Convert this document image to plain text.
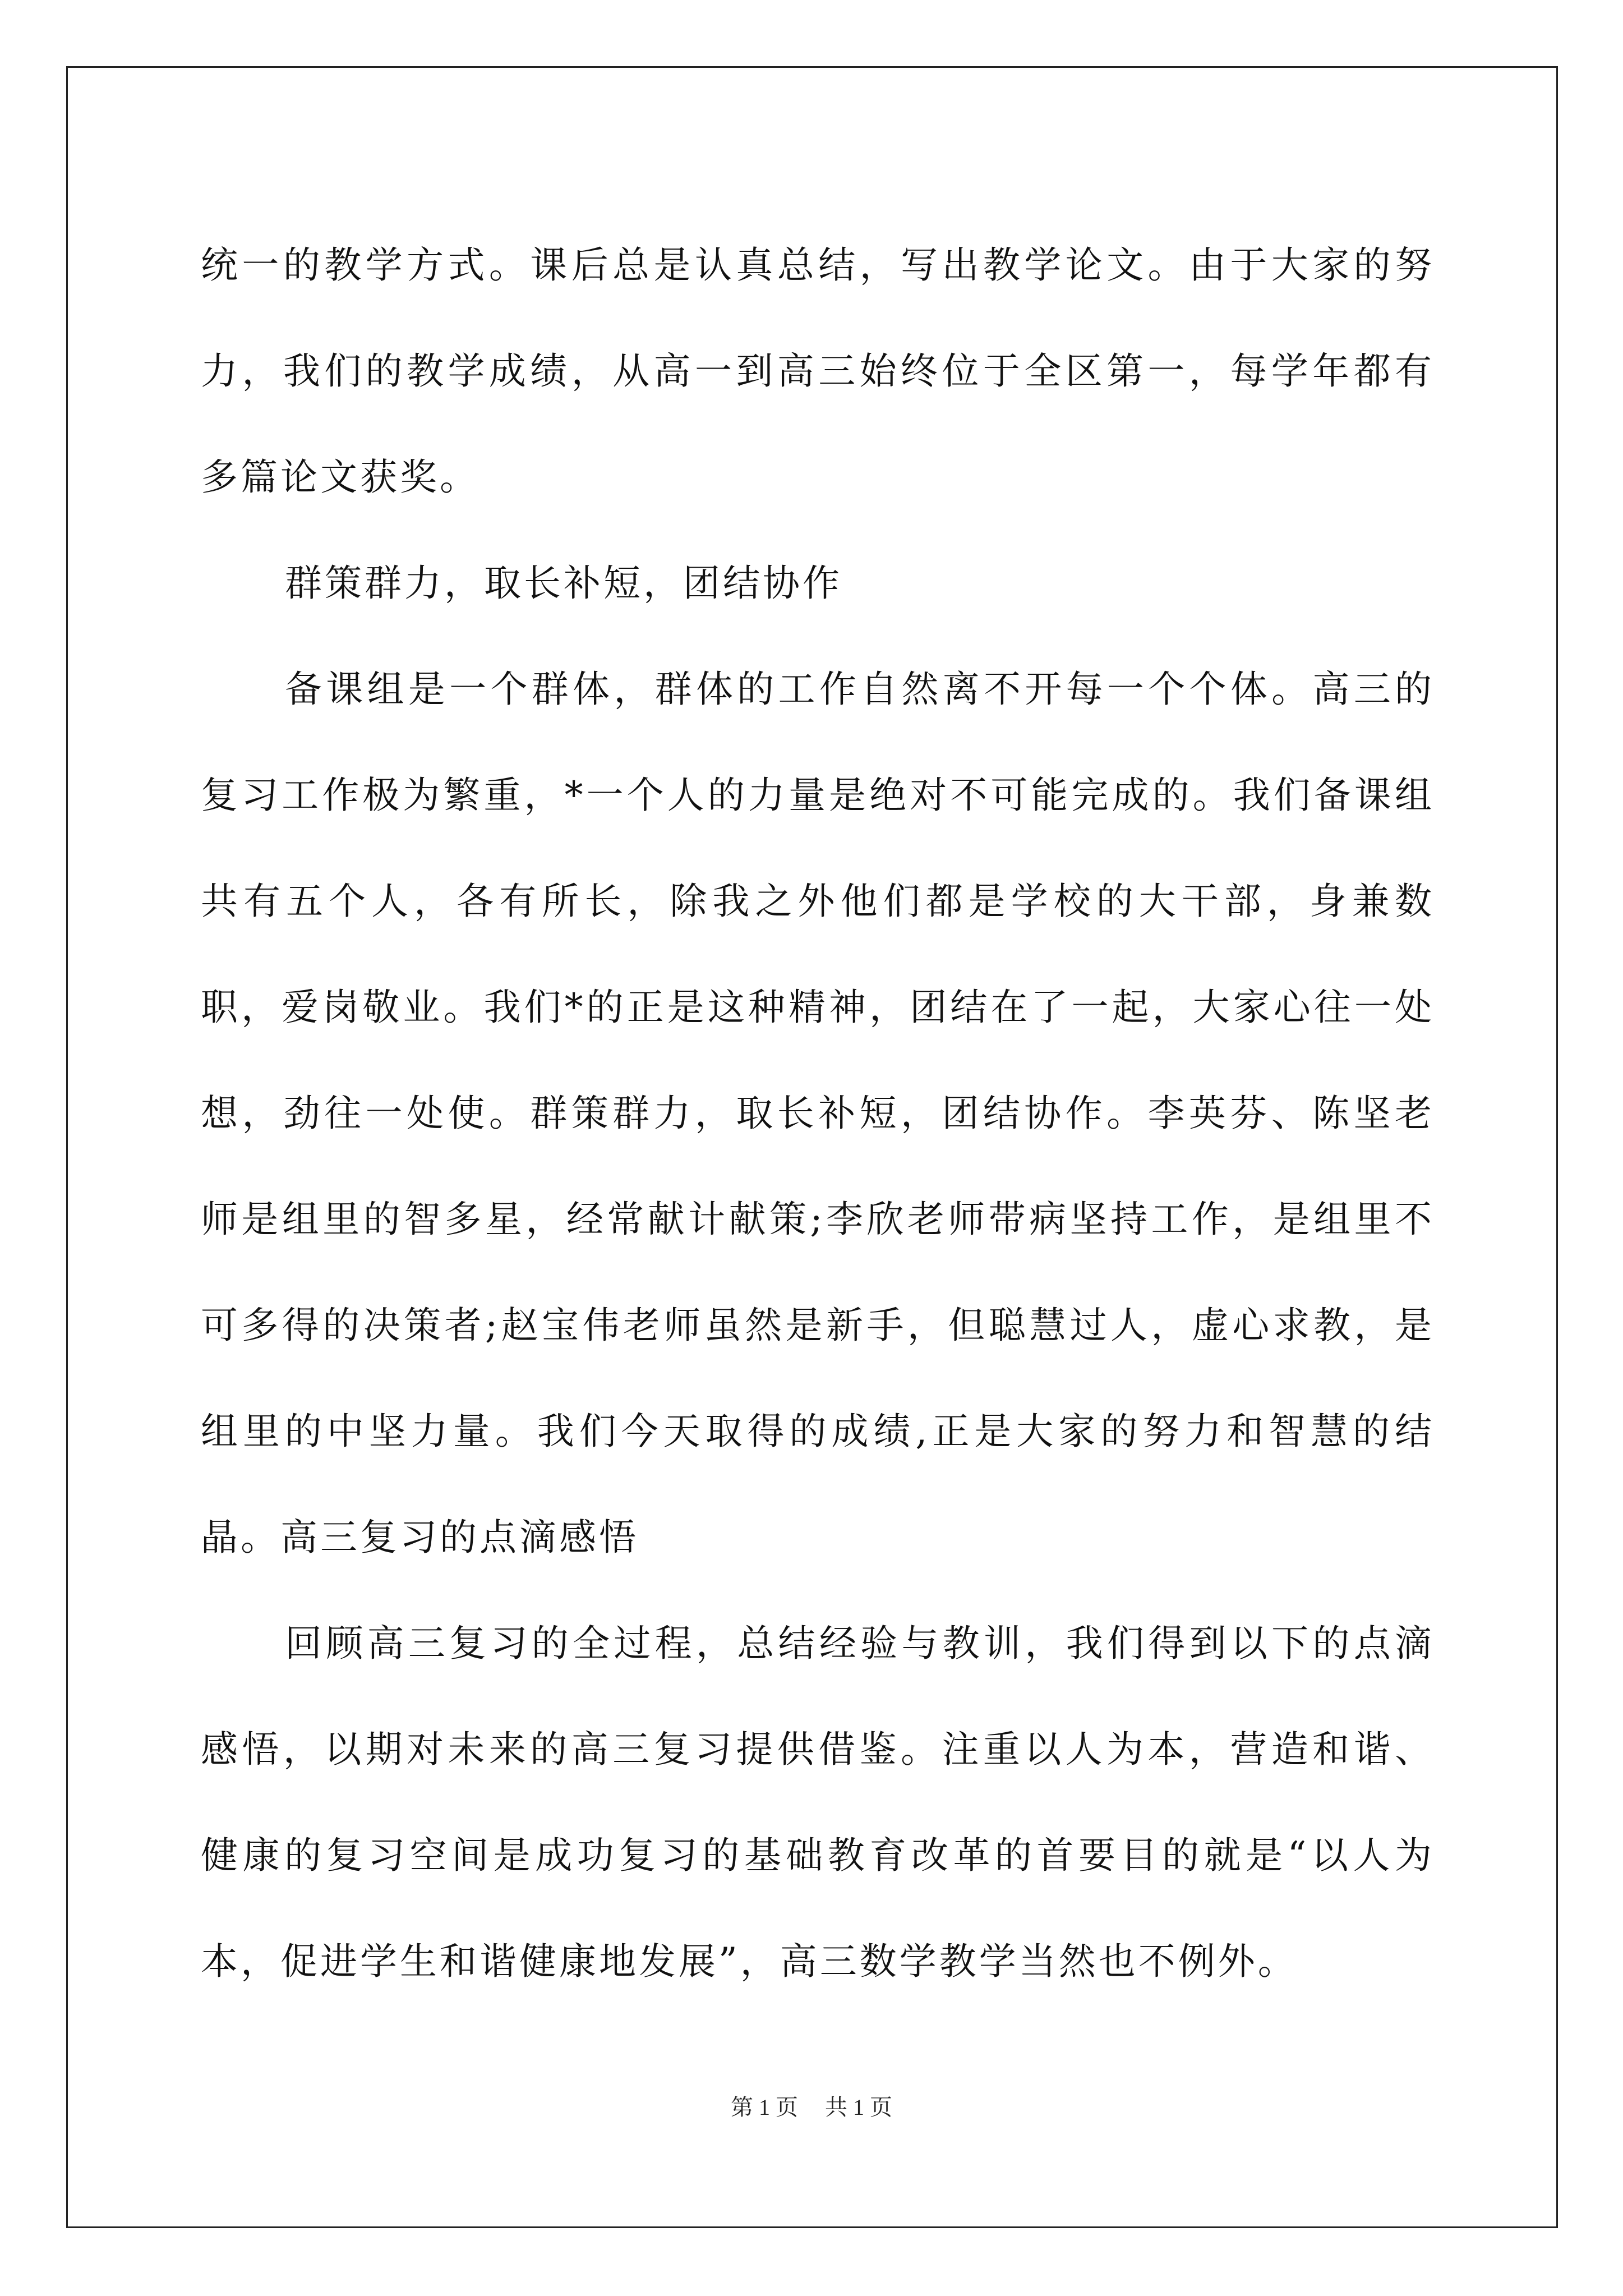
统一的教学方式。课后总是认真总结，写出教学论文。由于大家的努力，我们的教学成绩，从高一到高三始终位于全区第一，每学年都有多篇论文获奖。

群策群力，取长补短，团结协作

备课组是一个群体，群体的工作自然离不开每一个个体。高三的复习工作极为繁重，*一个人的力量是绝对不可能完成的。我们备课组共有五个人，各有所长，除我之外他们都是学校的大干部，身兼数职，爱岗敬业。我们*的正是这种精神，团结在了一起，大家心往一处想，劲往一处使。群策群力，取长补短，团结协作。李英芬、陈坚老师是组里的智多星，经常献计献策;李欣老师带病坚持工作，是组里不可多得的决策者;赵宝伟老师虽然是新手，但聪慧过人，虚心求教，是组里的中坚力量。我们今天取得的成绩,正是大家的努力和智慧的结晶。高三复习的点滴感悟

回顾高三复习的全过程，总结经验与教训，我们得到以下的点滴感悟，以期对未来的高三复习提供借鉴。注重以人为本，营造和谐、健康的复习空间是成功复习的基础教育改革的首要目的就是“以人为本，促进学生和谐健康地发展”，高三数学教学当然也不例外。

第 1 页 共 1 页
